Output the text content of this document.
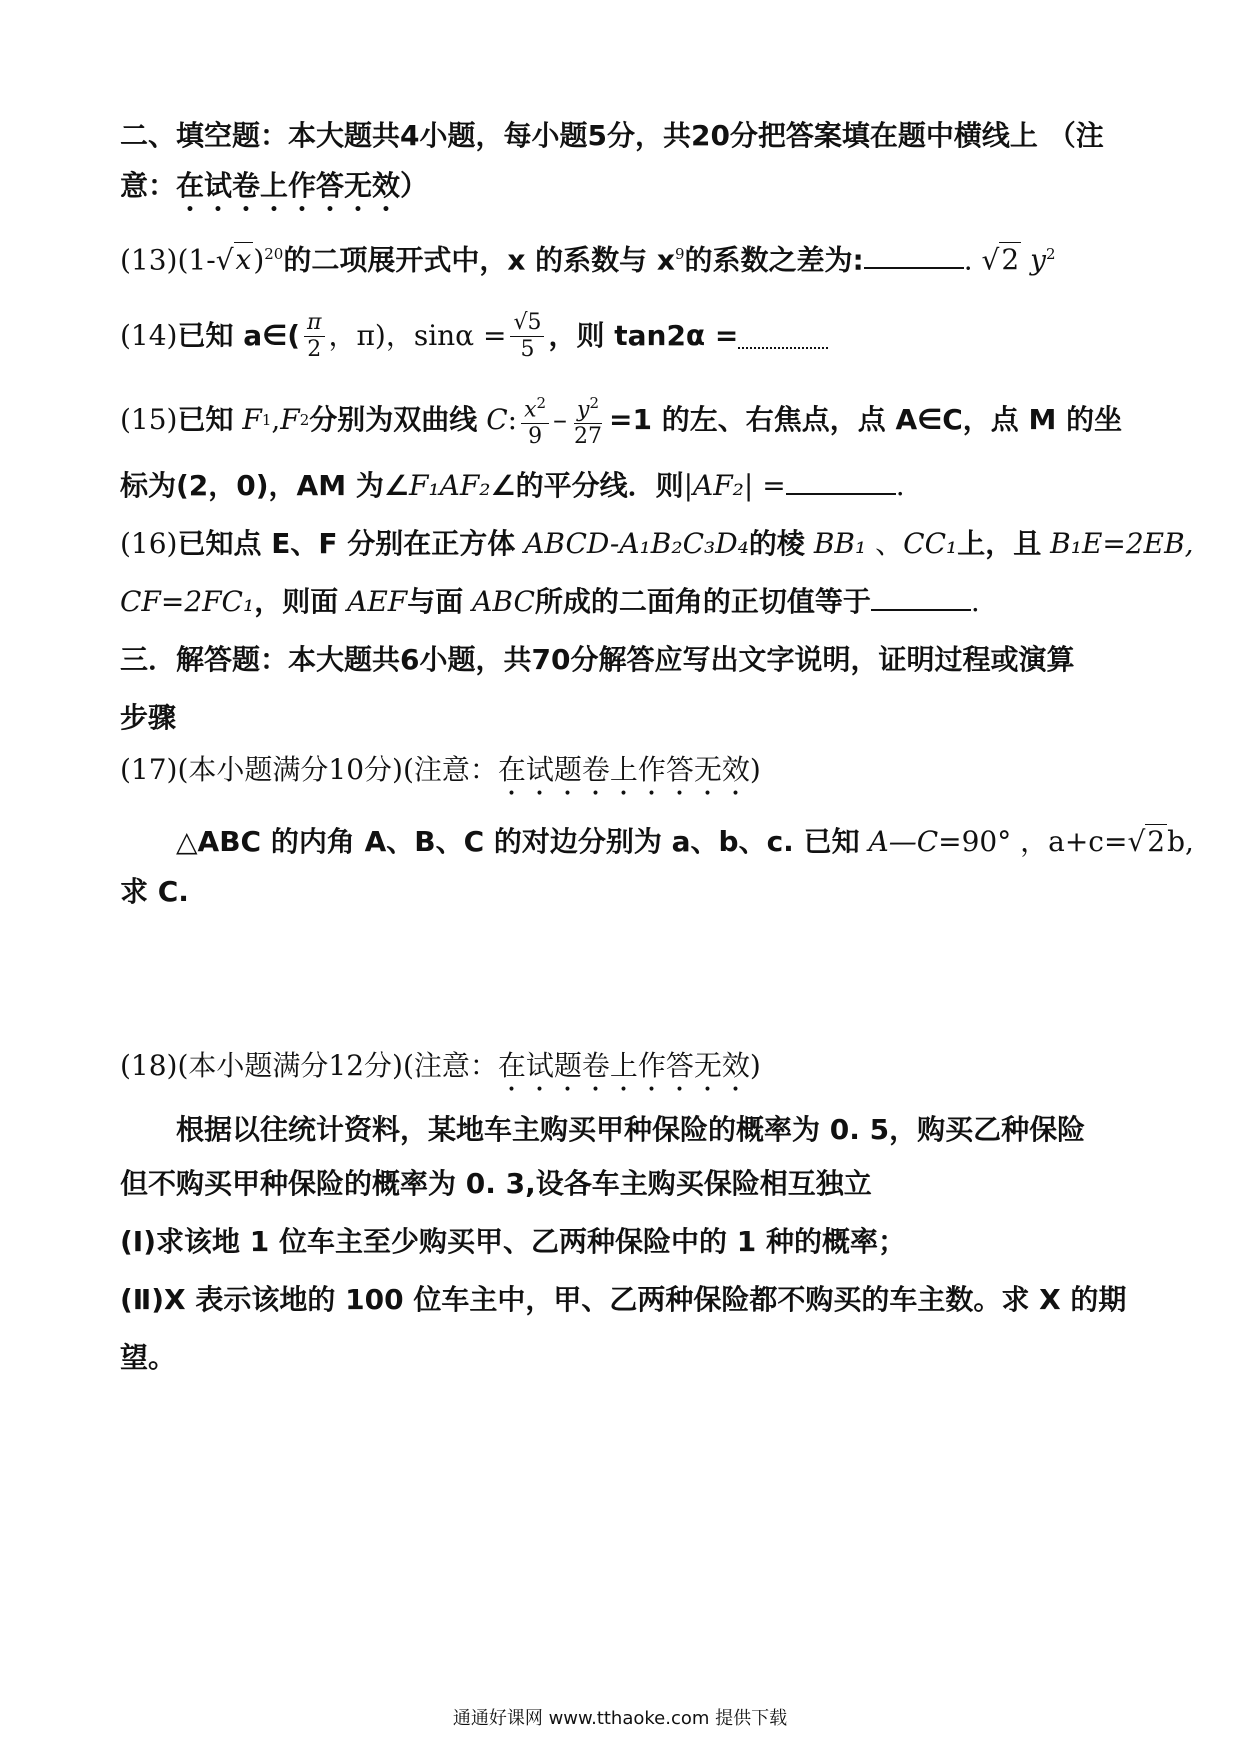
二、填空题：本大题共4小题，每小题5分，共20分把答案填在题中横线上 （注
意：在试卷上作答无效）
$(13)(1-√x)^{20}$的二项展开式中，x 的系数与 $x^9$的系数之差为:	. √2 $y^2$
(14) 已知 a∈( $\frac{\pi}{2}$ ，π)，$\sin\alpha = \frac{√5}{5}$ ，则 tan2α =
(15) 已知
F 1 , F 2 分别为双曲线
C : $\frac{x^2}{9} - \frac{y^2}{27} =1$ 的左、右焦点，点 A∈C，点 M 的坐
标为(2，0)，AM 为∠F₁AF₂∠的平分线．则|AF₂| =	.
(16)已知点 E、F 分别在正方体 ABCD-A₁B₂C₃D₄的棱 BB₁ 、CC₁上，且 B₁E=2EB,
CF=2FC₁，则面 AEF与面 ABC所成的二面角的正切值等于	.
三．解答题：本大题共6小题，共70分解答应写出文字说明，证明过程或演算
步骤
(17)(本小题满分10分)(注意：在试题卷上作答无效)
△ABC 的内角 A、B、C 的对边分别为 a、b、c. 已知 A—C=90° ，a+c=√2b,
求 C.
(18)(本小题满分12分)(注意：在试题卷上作答无效)
根据以往统计资料，某地车主购买甲种保险的概率为 0. 5，购买乙种保险
但不购买甲种保险的概率为 0. 3,设各车主购买保险相互独立
(I)求该地 1 位车主至少购买甲、乙两种保险中的 1 种的概率；
(Ⅱ)X 表示该地的 100 位车主中，甲、乙两种保险都不购买的车主数。求 X 的期
望。
通通好课网 www.tthaoke.com 提供下载
